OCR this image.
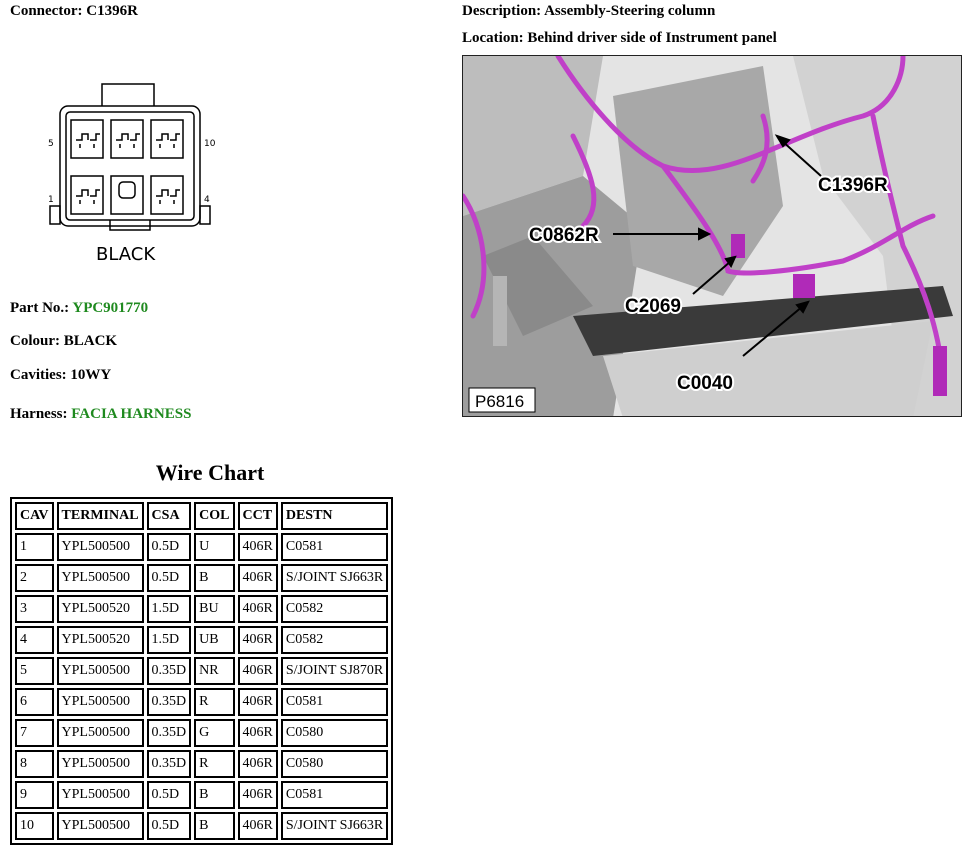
Connector: C1396R	Description: Assembly-Steering column
Location: Behind driver side of Instrument panel
5	10
1	4
BLACK
Part No.: YPC901770
Colour: BLACK
Cavities: 10WY
Harness: FACIA HARNESS
C1396R
C0862R
C2069
C0040
P6816
Wire Chart
CAV	TERMINAL	CSA	COL	CCT	DESTN
1	YPL500500	0.5D	U	406R	C0581
2	YPL500500	0.5D	B	406R	S/JOINT SJ663R
3	YPL500520	1.5D	BU	406R	C0582
4	YPL500520	1.5D	UB	406R	C0582
5	YPL500500	0.35D	NR	406R	S/JOINT SJ870R
6	YPL500500	0.35D	R	406R	C0581
7	YPL500500	0.35D	G	406R	C0580
8	YPL500500	0.35D	R	406R	C0580
9	YPL500500	0.5D	B	406R	C0581
10	YPL500500	0.5D	B	406R	S/JOINT SJ663R
